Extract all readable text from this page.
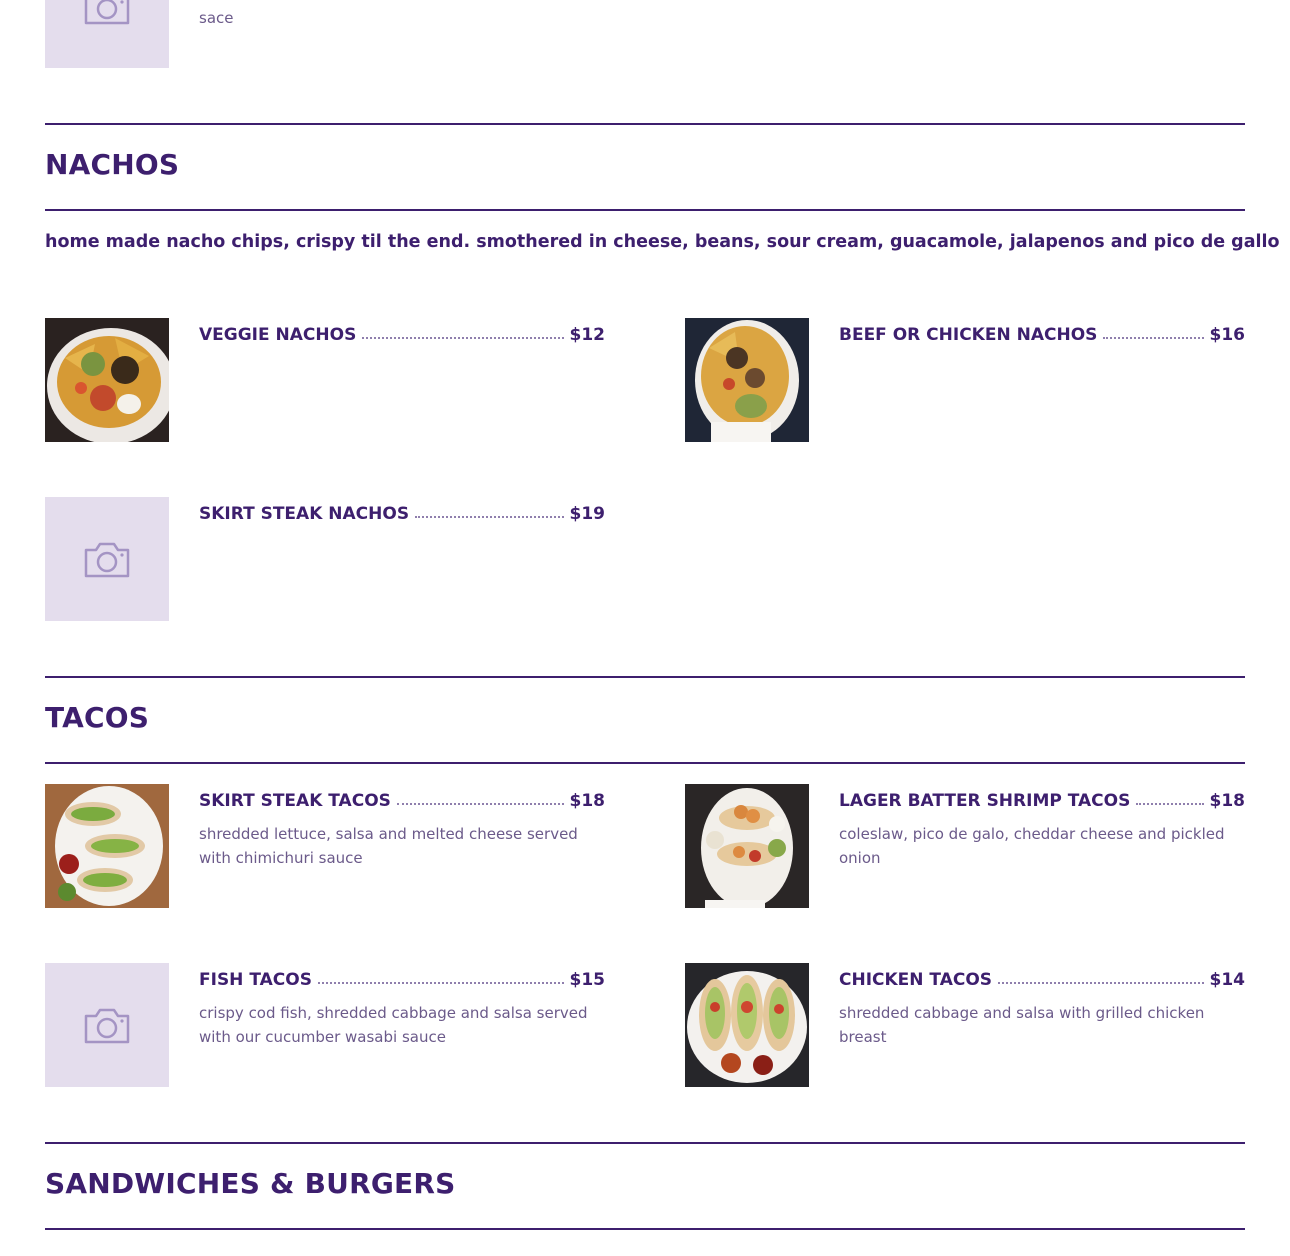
sace

NACHOS

home made nacho chips, crispy til the end. smothered in cheese, beans, sour cream, guacamole, jalapenos and pico de gallo

VEGGIE NACHOS	$12	BEEF OR CHICKEN NACHOS	$16
SKIRT STEAK NACHOS	$19
TACOS
SKIRT STEAK TACOS	$18

shredded lettuce, salsa and melted cheese served with chimichuri sauce

LAGER BATTER SHRIMP TACOS	$18

coleslaw, pico de galo, cheddar cheese and pickled onion

FISH TACOS	$15

crispy cod fish, shredded cabbage and salsa served with our cucumber wasabi sauce

CHICKEN TACOS	$14

shredded cabbage and salsa with grilled chicken breast

SANDWICHES & BURGERS
